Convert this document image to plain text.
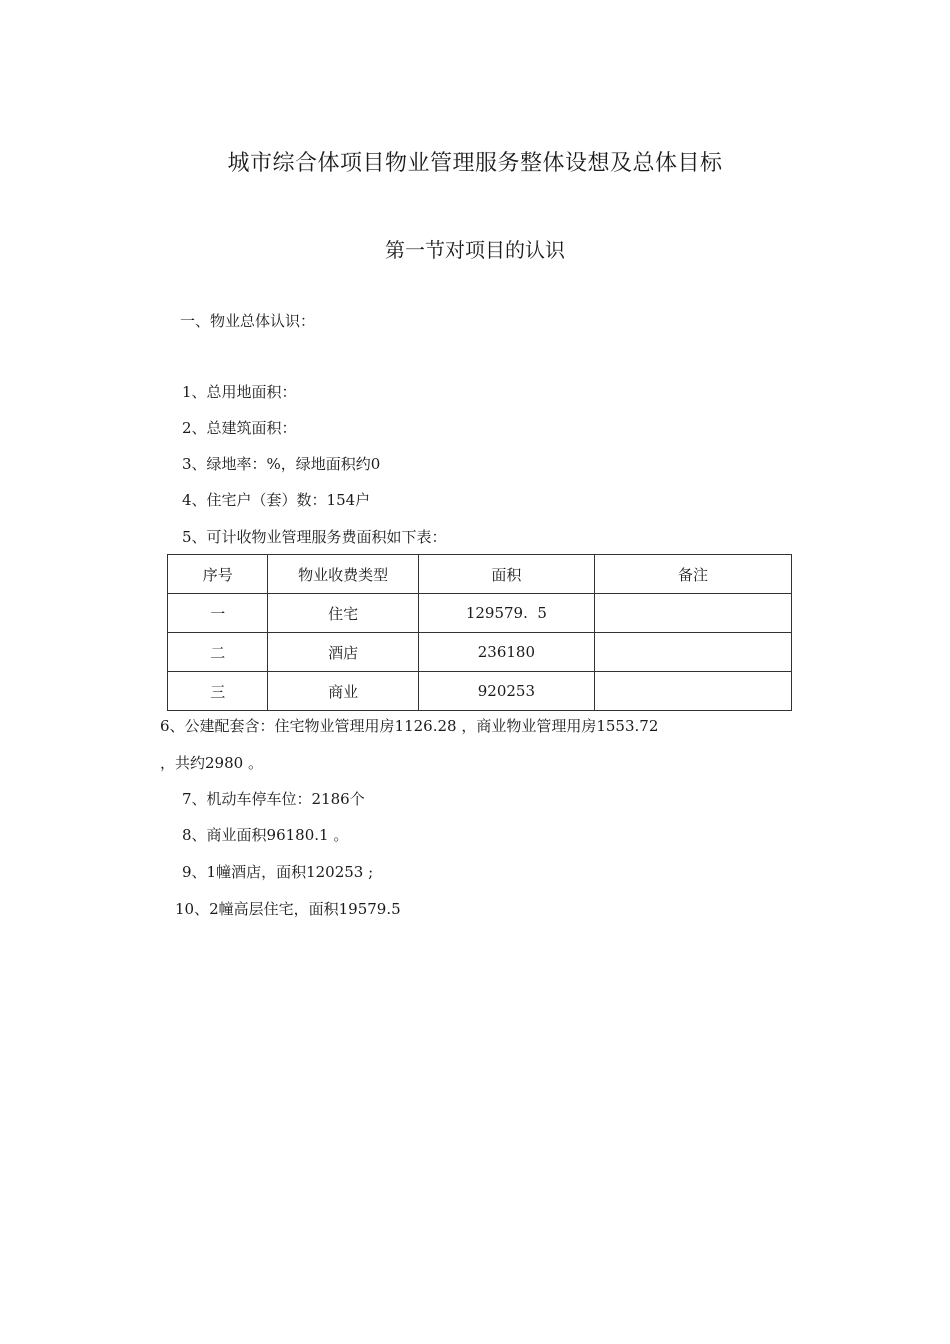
城市综合体项目物业管理服务整体设想及总体目标
第一节对项目的认识
一、物业总体认识：
1、总用地面积：
2、总建筑面积：
3、绿地率：%，绿地面积约0
4、住宅户（套）数：154户
5、可计收物业管理服务费面积如下表：
序号	物业收费类型	面积	备注
一	住宅	129579.  5	
二	酒店	236180	
三	商业	920253	
6、公建配套含：住宅物业管理用房1126.28 ，商业物业管理用房1553.72
，共约2980 。
7、机动车停车位：2186个
8、商业面积96180.1 。
9、1幢酒店，面积120253 ;
10、2幢高层住宅，面积19579.5
